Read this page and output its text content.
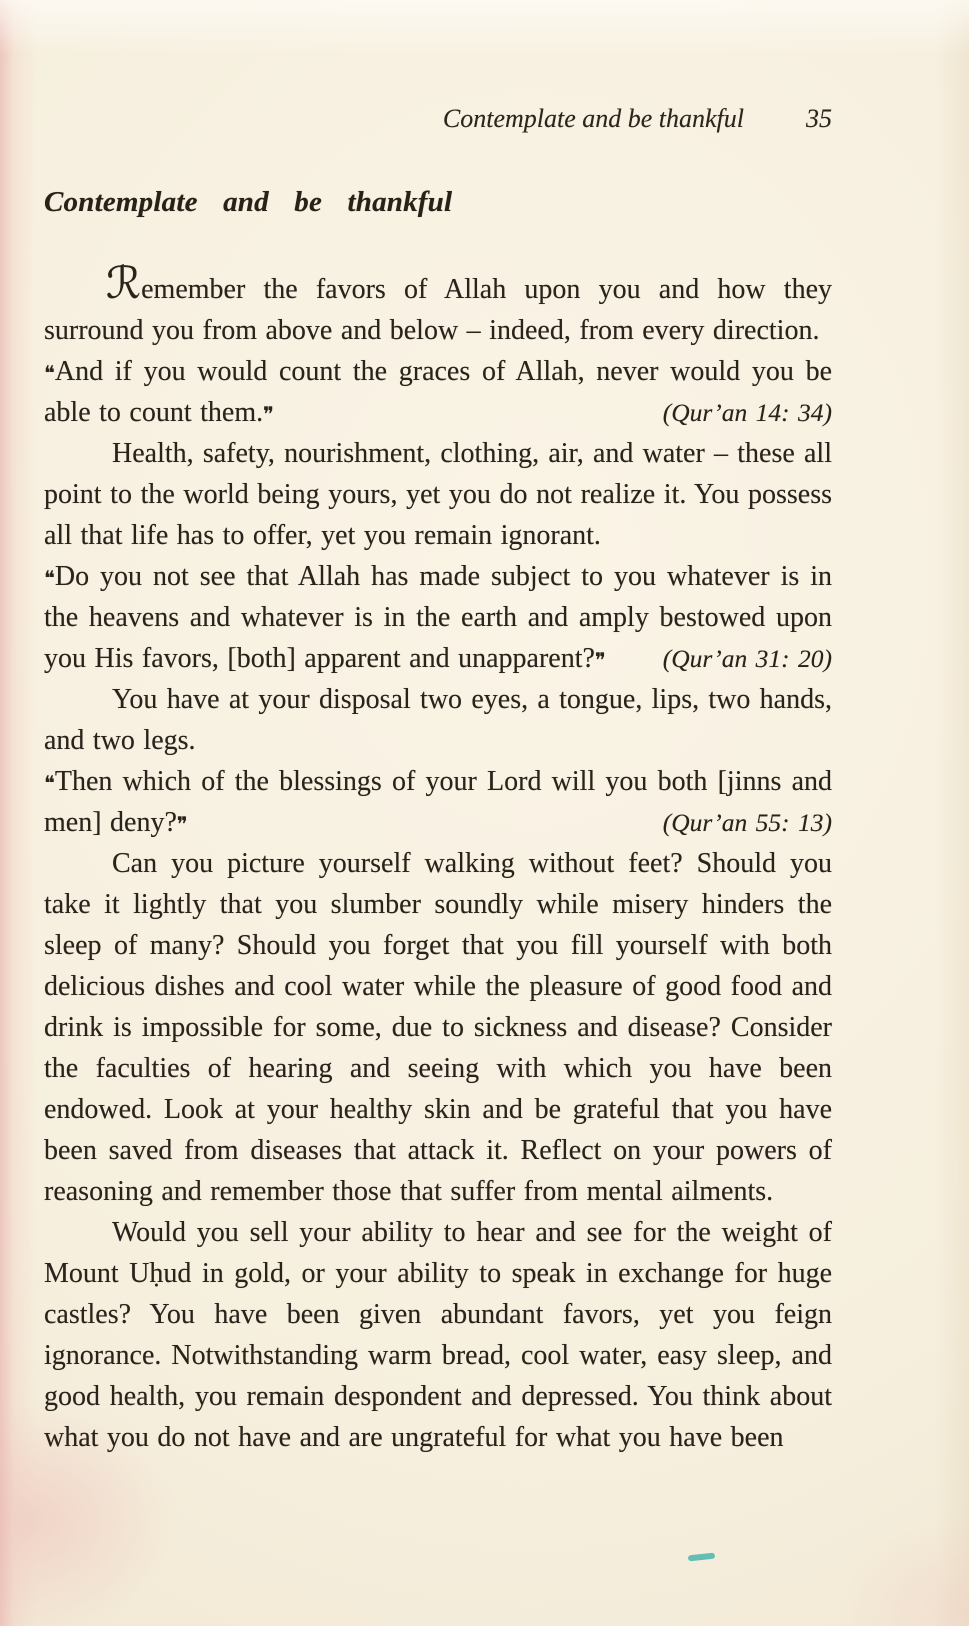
Contemplate and be thankful 35
Contemplate and be thankful

ℛemember the favors of Allah upon you and how they surround you from above and below – indeed, from every direction.

❝And if you would count the graces of Allah, never would you be able to count them.❞	(Qur’an 14: 34)

Health, safety, nourishment, clothing, air, and water – these all point to the world being yours, yet you do not realize it. You possess all that life has to offer, yet you remain ignorant.

❝Do you not see that Allah has made subject to you whatever is in the heavens and whatever is in the earth and amply bestowed upon you His favors, [both] apparent and unapparent?❞ (Qur’an 31: 20)

You have at your disposal two eyes, a tongue, lips, two hands, and two legs.

❝Then which of the blessings of your Lord will you both [jinns and men] deny?❞	(Qur’an 55: 13)

Can you picture yourself walking without feet? Should you take it lightly that you slumber soundly while misery hinders the sleep of many? Should you forget that you fill yourself with both delicious dishes and cool water while the pleasure of good food and drink is impossible for some, due to sickness and disease? Consider the faculties of hearing and seeing with which you have been endowed. Look at your healthy skin and be grateful that you have been saved from diseases that attack it. Reflect on your powers of reasoning and remember those that suffer from mental ailments.

Would you sell your ability to hear and see for the weight of Mount Uḥud in gold, or your ability to speak in exchange for huge castles? You have been given abundant favors, yet you feign ignorance. Notwithstanding warm bread, cool water, easy sleep, and good health, you remain despondent and depressed. You think about what you do not have and are ungrateful for what you have been
